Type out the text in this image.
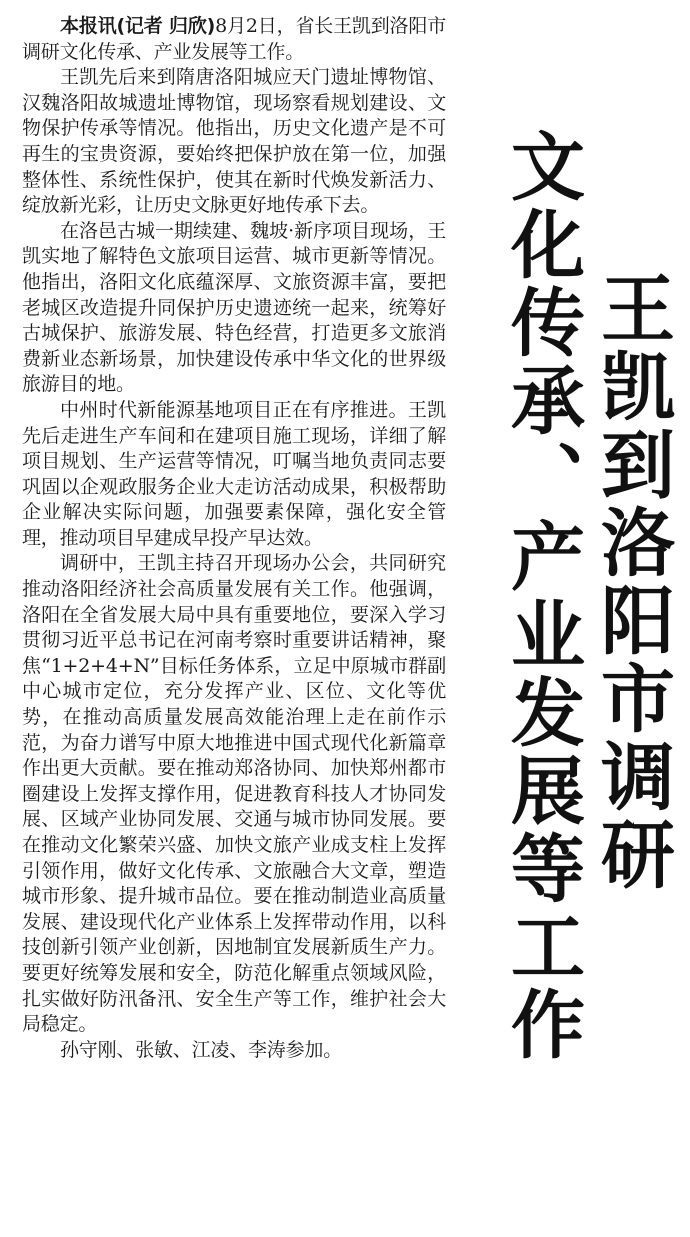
本报讯(记者 归欣)8月2日，省长王凯到洛阳市调研文化传承、产业发展等工作。

王凯先后来到隋唐洛阳城应天门遗址博物馆、汉魏洛阳故城遗址博物馆，现场察看规划建设、文物保护传承等情况。他指出，历史文化遗产是不可再生的宝贵资源，要始终把保护放在第一位，加强整体性、系统性保护，使其在新时代焕发新活力、绽放新光彩，让历史文脉更好地传承下去。

在洛邑古城一期续建、魏坡·新序项目现场，王凯实地了解特色文旅项目运营、城市更新等情况。他指出，洛阳文化底蕴深厚、文旅资源丰富，要把老城区改造提升同保护历史遗迹统一起来，统筹好古城保护、旅游发展、特色经营，打造更多文旅消费新业态新场景，加快建设传承中华文化的世界级旅游目的地。

中州时代新能源基地项目正在有序推进。王凯先后走进生产车间和在建项目施工现场，详细了解项目规划、生产运营等情况，叮嘱当地负责同志要巩固以企观政服务企业大走访活动成果，积极帮助企业解决实际问题，加强要素保障，强化安全管理，推动项目早建成早投产早达效。

调研中，王凯主持召开现场办公会，共同研究推动洛阳经济社会高质量发展有关工作。他强调，洛阳在全省发展大局中具有重要地位，要深入学习贯彻习近平总书记在河南考察时重要讲话精神，聚焦“1+2+4+N”目标任务体系，立足中原城市群副中心城市定位，充分发挥产业、区位、文化等优势，在推动高质量发展高效能治理上走在前作示范，为奋力谱写中原大地推进中国式现代化新篇章作出更大贡献。要在推动郑洛协同、加快郑州都市圈建设上发挥支撑作用，促进教育科技人才协同发展、区域产业协同发展、交通与城市协同发展。要在推动文化繁荣兴盛、加快文旅产业成支柱上发挥引领作用，做好文化传承、文旅融合大文章，塑造城市形象、提升城市品位。要在推动制造业高质量发展、建设现代化产业体系上发挥带动作用，以科技创新引领产业创新，因地制宜发展新质生产力。要更好统筹发展和安全，防范化解重点领域风险，扎实做好防汛备汛、安全生产等工作，维护社会大局稳定。

孙守刚、张敏、江凌、李涛参加。	文化传承、产业发展等工作 王凯到洛阳市调研
